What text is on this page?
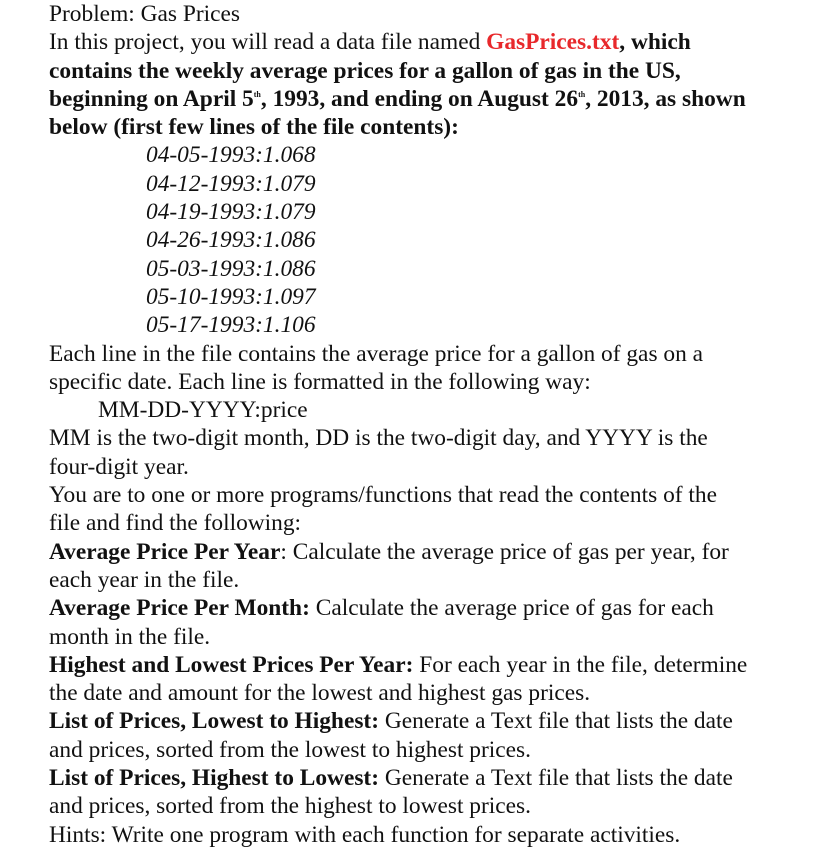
Problem: Gas Prices
In this project, you will read a data file named GasPrices.txt, which
contains the weekly average prices for a gallon of gas in the US,
beginning on April 5th, 1993, and ending on August 26th, 2013, as shown
below (first few lines of the file contents):
04-05-1993:1.068
04-12-1993:1.079
04-19-1993:1.079
04-26-1993:1.086
05-03-1993:1.086
05-10-1993:1.097
05-17-1993:1.106
Each line in the file contains the average price for a gallon of gas on a
specific date. Each line is formatted in the following way:
MM-DD-YYYY:price
MM is the two-digit month, DD is the two-digit day, and YYYY is the
four-digit year.
You are to one or more programs/functions that read the contents of the
file and find the following:
Average Price Per Year: Calculate the average price of gas per year, for
each year in the file.
Average Price Per Month: Calculate the average price of gas for each
month in the file.
Highest and Lowest Prices Per Year: For each year in the file, determine
the date and amount for the lowest and highest gas prices.
List of Prices, Lowest to Highest: Generate a Text file that lists the date
and prices, sorted from the lowest to highest prices.
List of Prices, Highest to Lowest: Generate a Text file that lists the date
and prices, sorted from the highest to lowest prices.
Hints: Write one program with each function for separate activities.
